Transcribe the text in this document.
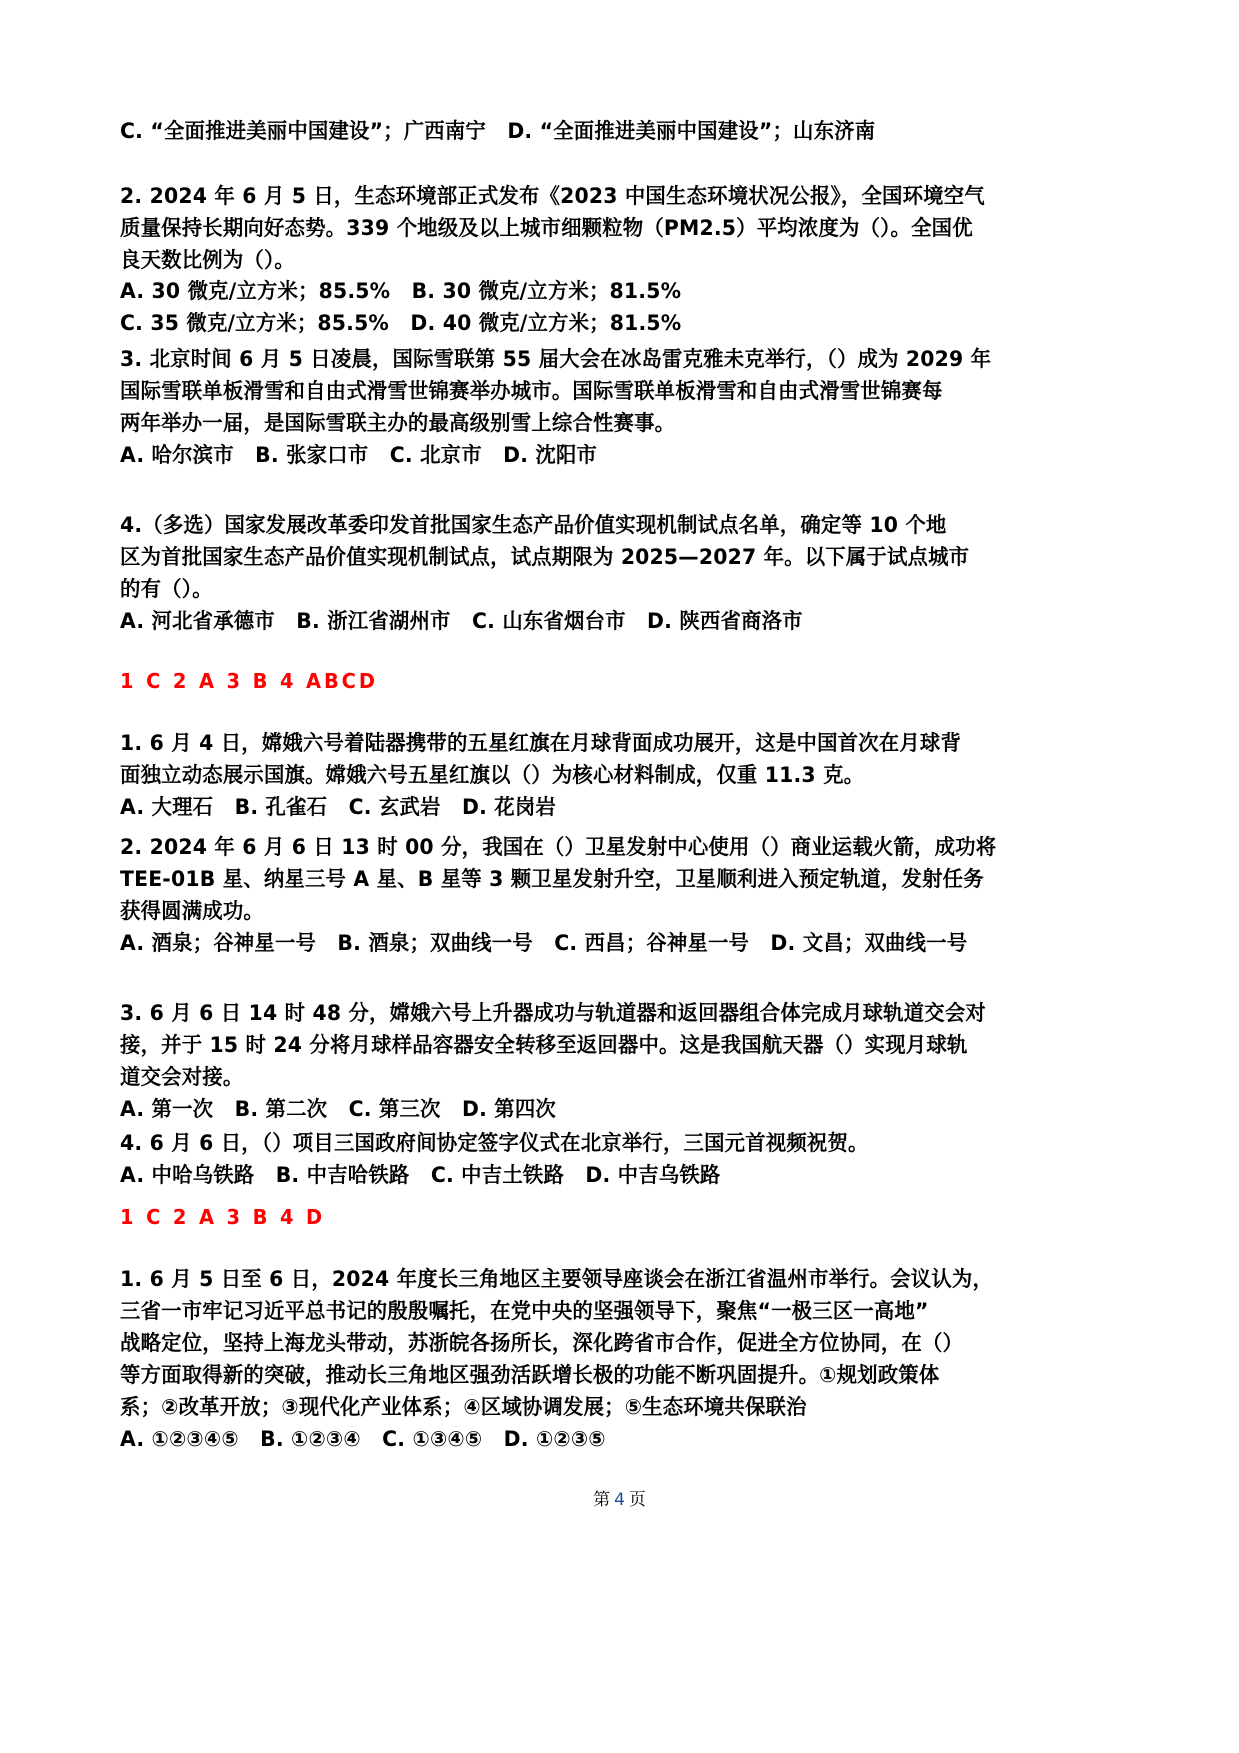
C. “全面推进美丽中国建设”；广西南宁 D. “全面推进美丽中国建设”；山东济南
2. 2024 年 6 月 5 日，生态环境部正式发布《2023 中国生态环境状况公报》，全国环境空气
质量保持长期向好态势。339 个地级及以上城市细颗粒物（PM2.5）平均浓度为（）。全国优
良天数比例为（）。
A. 30 微克/立方米；85.5% B. 30 微克/立方米；81.5%
C. 35 微克/立方米；85.5% D. 40 微克/立方米；81.5%
3. 北京时间 6 月 5 日凌晨，国际雪联第 55 届大会在冰岛雷克雅未克举行，（）成为 2029 年
国际雪联单板滑雪和自由式滑雪世锦赛举办城市。国际雪联单板滑雪和自由式滑雪世锦赛每
两年举办一届，是国际雪联主办的最高级别雪上综合性赛事。
A. 哈尔滨市 B. 张家口市 C. 北京市 D. 沈阳市
4.（多选）国家发展改革委印发首批国家生态产品价值实现机制试点名单，确定等 10 个地
区为首批国家生态产品价值实现机制试点，试点期限为 2025—2027 年。以下属于试点城市
的有（）。
A. 河北省承德市 B. 浙江省湖州市 C. 山东省烟台市 D. 陕西省商洛市
1 C 2 A 3 B 4 ABCD
1. 6 月 4 日，嫦娥六号着陆器携带的五星红旗在月球背面成功展开，这是中国首次在月球背
面独立动态展示国旗。嫦娥六号五星红旗以（）为核心材料制成，仅重 11.3 克。
A. 大理石 B. 孔雀石 C. 玄武岩 D. 花岗岩
2. 2024 年 6 月 6 日 13 时 00 分，我国在（）卫星发射中心使用（）商业运载火箭，成功将
TEE-01B 星、纳星三号 A 星、B 星等 3 颗卫星发射升空，卫星顺利进入预定轨道，发射任务
获得圆满成功。
A. 酒泉；谷神星一号 B. 酒泉；双曲线一号 C. 西昌；谷神星一号 D. 文昌；双曲线一号
3. 6 月 6 日 14 时 48 分，嫦娥六号上升器成功与轨道器和返回器组合体完成月球轨道交会对
接，并于 15 时 24 分将月球样品容器安全转移至返回器中。这是我国航天器（）实现月球轨
道交会对接。
A. 第一次 B. 第二次 C. 第三次 D. 第四次
4. 6 月 6 日，（）项目三国政府间协定签字仪式在北京举行，三国元首视频祝贺。
A. 中哈乌铁路 B. 中吉哈铁路 C. 中吉土铁路 D. 中吉乌铁路
1 C 2 A 3 B 4 D
1. 6 月 5 日至 6 日，2024 年度长三角地区主要领导座谈会在浙江省温州市举行。会议认为，
三省一市牢记习近平总书记的殷殷嘱托，在党中央的坚强领导下，聚焦“一极三区一高地”
战略定位，坚持上海龙头带动，苏浙皖各扬所长，深化跨省市合作，促进全方位协同，在（）
等方面取得新的突破，推动长三角地区强劲活跃增长极的功能不断巩固提升。①规划政策体
系；②改革开放；③现代化产业体系；④区域协调发展；⑤生态环境共保联治
A. ①②③④⑤ B. ①②③④ C. ①③④⑤ D. ①②③⑤
第 4 页
